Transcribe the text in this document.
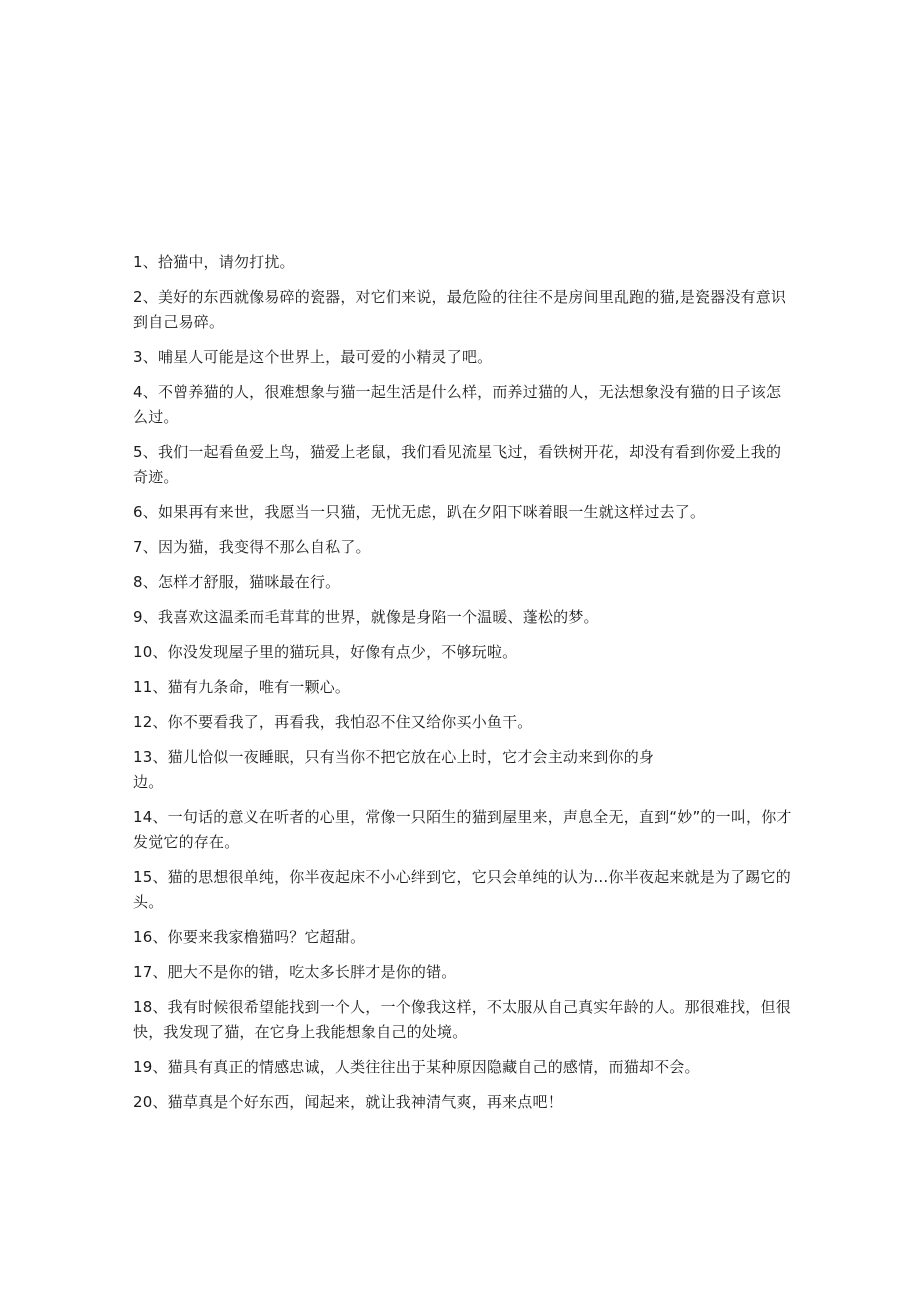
1、拾猫中，请勿打扰。
2、美好的东西就像易碎的瓷器，对它们来说，最危险的往往不是房间里乱跑的猫,是瓷器没有意识到自己易碎。
3、哺星人可能是这个世界上，最可爱的小精灵了吧。
4、不曾养猫的人，很难想象与猫一起生活是什么样，而养过猫的人，无法想象没有猫的日子该怎么过。
5、我们一起看鱼爱上鸟，猫爱上老鼠，我们看见流星飞过，看铁树开花，却没有看到你爱上我的奇迹。
6、如果再有来世，我愿当一只猫，无忧无虑，趴在夕阳下咪着眼一生就这样过去了。
7、因为猫，我变得不那么自私了。
8、怎样才舒服，猫咪最在行。
9、我喜欢这温柔而毛茸茸的世界，就像是身陷一个温暖、蓬松的梦。
10、你没发现屋子里的猫玩具，好像有点少，不够玩啦。
11、猫有九条命，唯有一颗心。
12、你不要看我了，再看我，我怕忍不住又给你买小鱼干。
13、猫儿恰似一夜睡眠，只有当你不把它放在心上时，它才会主动来到你的身
边。
14、一句话的意义在听者的心里，常像一只陌生的猫到屋里来，声息全无，直到“妙”的一叫，你才发觉它的存在。
15、猫的思想很单纯，你半夜起床不小心绊到它，它只会单纯的认为…你半夜起来就是为了踢它的头。
16、你要来我家橹猫吗？它超甜。
17、肥大不是你的错，吃太多长胖才是你的错。
18、我有时候很希望能找到一个人，一个像我这样，不太服从自己真实年龄的人。那很难找，但很快，我发现了猫，在它身上我能想象自己的处境。
19、猫具有真正的情感忠诚，人类往往出于某种原因隐藏自己的感情，而猫却不会。
20、猫草真是个好东西，闻起来，就让我神清气爽，再来点吧！
